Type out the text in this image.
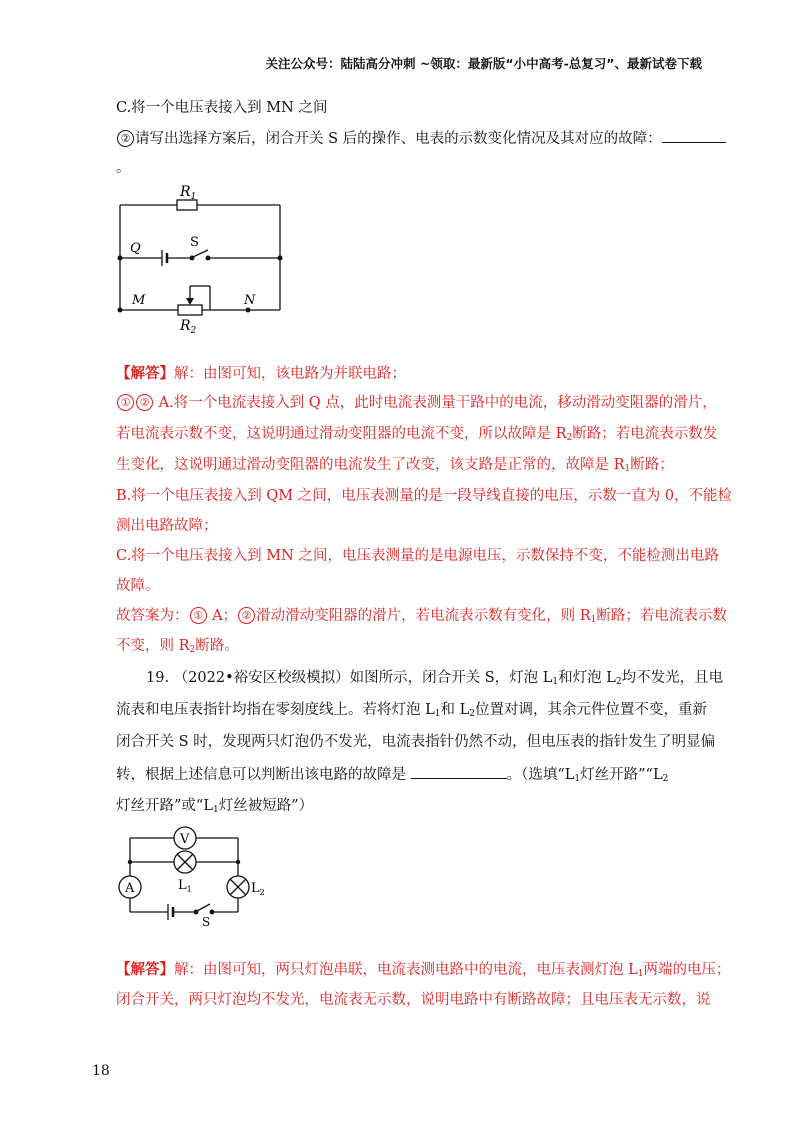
关注公众号：陆陆高分冲刺 ~领取：最新版“小中高考-总复习”、最新试卷下载
C.将一个电压表接入到 MN 之间
② 请写出选择方案后，闭合开关 S 后的操作、电表的示数变化情况及其对应的故障：
。
$R_1$
Q	S
M	N
$R_2$
【解答】解：由图可知，该电路为并联电路；
① ② A.将一个电流表接入到 Q 点，此时电流表测量干路中的电流，移动滑动变阻器的滑片，
若电流表示数不变，这说明通过滑动变阻器的电流不变，所以故障是 $R_2$断路；若电流表示数发
生变化，这说明通过滑动变阻器的电流发生了改变，该支路是正常的，故障是 $R_1$断路；
B.将一个电压表接入到 QM 之间，电压表测量的是一段导线直接的电压，示数一直为 0，不能检
测出电路故障；
C.将一个电压表接入到 MN 之间，电压表测量的是电源电压，示数保持不变，不能检测出电路
故障。
故答案为： ① A； ② 滑动滑动变阻器的滑片，若电流表示数有变化，则 $R_1$断路；若电流表示数
不变，则 $R_2$断路。
19. （2022•裕安区校级模拟）如图所示，闭合开关 S，灯泡 $L_1$和灯泡 $L_2$均不发光，且电
流表和电压表指针均指在零刻度线上。若将灯泡 $L_1$和 $L_2$位置对调，其余元件位置不变，重新
闭合开关 S 时，发现两只灯泡仍不发光，电流表指针仍然不动，但电压表的指针发生了明显偏
转，根据上述信息可以判断出该电路的故障是	。（选填“$L_1$灯丝开路$”“L_2$
灯丝开路”或“$L_1$灯丝被短路”）
V
A	$L_1$	$L_2$
S
【解答】解：由图可知，两只灯泡串联，电流表测电路中的电流，电压表测灯泡 $L_1$两端的电压；
闭合开关，两只灯泡均不发光，电流表无示数，说明电路中有断路故障；且电压表无示数，说
18
